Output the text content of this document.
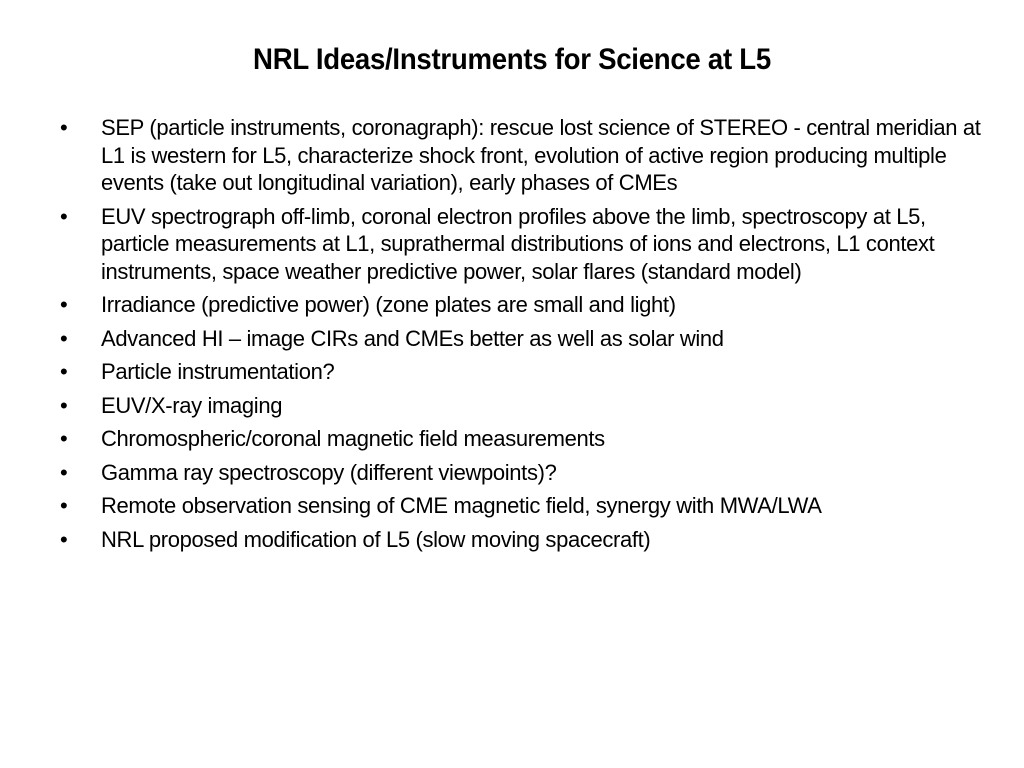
NRL Ideas/Instruments for Science at L5
•	SEP (particle instruments, coronagraph): rescue lost science of STEREO - central meridian at L1 is western for L5, characterize shock front, evolution of active region producing multiple events (take out longitudinal variation), early phases of CMEs
•	EUV spectrograph off-limb, coronal electron profiles above the limb, spectroscopy at L5, particle measurements at L1, suprathermal distributions of ions and electrons, L1 context instruments, space weather predictive power, solar flares (standard model)
•	Irradiance (predictive power) (zone plates are small and light)
•	Advanced HI – image CIRs and CMEs better as well as solar wind
•	Particle instrumentation?
•	EUV/X-ray imaging
•	Chromospheric/coronal magnetic field measurements
•	Gamma ray spectroscopy (different viewpoints)?
•	Remote observation sensing of CME magnetic field, synergy with MWA/LWA
•	NRL proposed modification of L5 (slow moving spacecraft)
